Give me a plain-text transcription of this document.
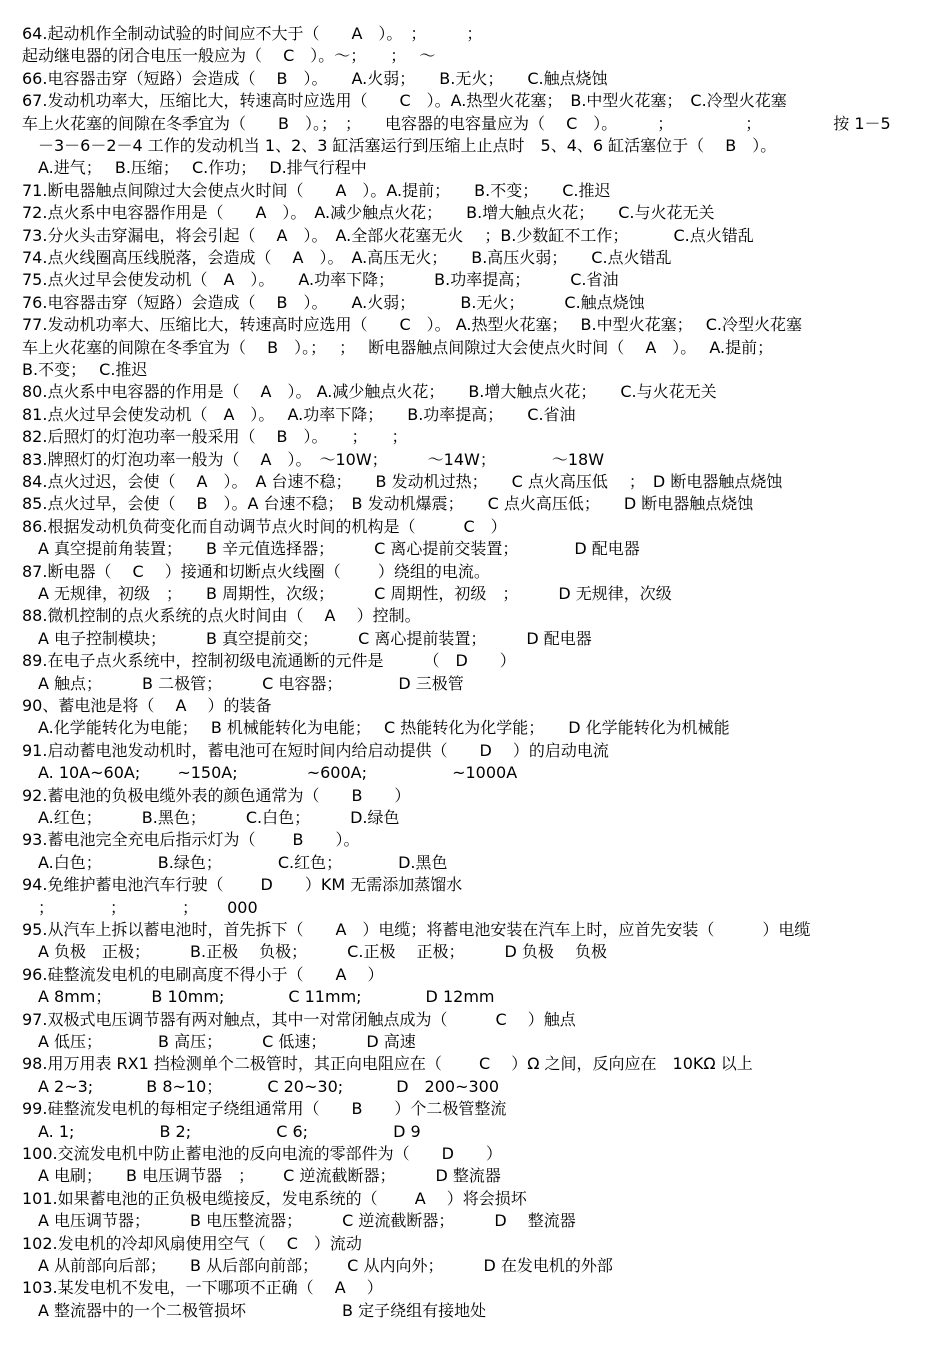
64.起动机作全制动试验的时间应不大于（　　A　）。　；　　　；
起动继电器的闭合电压一般应为（　 C　）。～；　　；　 ～
66.电容器击穿（短路）会造成（　 B　）。　　A.火弱；　　B.无火；　　C.触点烧蚀
67.发动机功率大，压缩比大，转速高时应选用（　　C　）。A.热型火花塞；　B.中型火花塞；　C.冷型火花塞
车上火花塞的间隙在冬季宜为（　　B　）。；　；　　电容器的电容量应为（　 C　）。　　　；　　　　　；　　　　　按 1－5
　－3－6－2－4 工作的发动机当 1、2、3 缸活塞运行到压缩上止点时　5、4、6 缸活塞位于（　 B　）。
　A.进气；　 B.压缩；　 C.作功；　 D.排气行程中
71.断电器触点间隙过大会使点火时间（　　A　）。A.提前；　　B.不变；　　C.推迟
72.点火系中电容器作用是（　　A　）。　A.减少触点火花；　　B.增大触点火花；　　C.与火花无关
73.分火头击穿漏电，将会引起（　 A　）。　A.全部火花塞无火　 ；B.少数缸不工作；　　　 C.点火错乱
74.点火线圈高压线脱落，会造成（　 A　）。　A.高压无火；　　B.高压火弱；　　C.点火错乱
75.点火过早会使发动机（　A　）。　　A.功率下降；　　　B.功率提高；　　　C.省油
76.电容器击穿（短路）会造成（　 B　）。　　A.火弱；　　　 B.无火；　　　C.触点烧蚀
77.发动机功率大、压缩比大，转速高时应选用（　　C　）。 A.热型火花塞；　 B.中型火花塞；　 C.冷型火花塞
车上火花塞的间隙在冬季宜为（　 B　）。；　 ；　 断电器触点间隙过大会使点火时间（　 A　）。　 A.提前；
B.不变；　 C.推迟
80.点火系中电容器的作用是（　 A　）。 A.减少触点火花；　　B.增大触点火花；　　C.与火花无关
81.点火过早会使发动机（　A　）。　 A.功率下降；　　B.功率提高；　　C.省油
82.后照灯的灯泡功率一般采用（　 B　）。　　；　　；
83.牌照灯的灯泡功率一般为（　 A　）。　～10W；　　　～14W；　　　　～18W
84.点火过迟，会使（　 A　）。　A 台速不稳；　　B 发动机过热；　　C 点火高压低　 ；　D 断电器触点烧蚀
85.点火过早，会使（　 B　）。A 台速不稳；　B 发动机爆震；　　C 点火高压低；　　D 断电器触点烧蚀
86.根据发动机负荷变化而自动调节点火时间的机构是（　　　C　）
　A 真空提前角装置；　　B 辛元值选择器；　　　C 离心提前交装置；　　　　D 配电器
87.断电器（　 C　 ）接通和切断点火线圈（　　 ）绕组的电流。
　A 无规律，初级　；　　B 周期性，次级；　　　C 周期性，初级　；　　　D 无规律，次级
88.微机控制的点火系统的点火时间由（　 A　 ）控制。
　A 电子控制模块；　　　B 真空提前交；　　　C 离心提前装置；　　　D 配电器
89.在电子点火系统中，控制初级电流通断的元件是　　　（　D　　）
　A 触点；　　　B 二极管；　　　C 电容器；　　　　D 三极管
90、蓄电池是将（　 A　 ）的装备
　A.化学能转化为电能；　 B 机械能转化为电能；　 C 热能转化为化学能；　　D 化学能转化为机械能
91.启动蓄电池发动机时，蓄电池可在短时间内给启动提供（　　D　 ）的启动电流
　A. 10A~60A;　　 ~150A;　　　　 ~600A;　　　　　 ~1000A
92.蓄电池的负极电缆外表的颜色通常为（　　B　　）
　A.红色；　　　B.黑色；　　　C.白色；　　　D.绿色
93.蓄电池完全充电后指示灯为（　　 B　　）。
　A.白色；　　　　B.绿色；　　　　C.红色；　　　　D.黑色
94.免维护蓄电池汽车行驶（　　 D　　）KM 无需添加蒸馏水
　；　　　　；　　　　；　　 000
95.从汽车上拆以蓄电池时，首先拆下（　　A　）电缆；将蓄电池安装在汽车上时，应首先安装（　　　）电缆
　A 负极　正极；　　　B.正极　 负极；　　　C.正极　 正极；　　　D 负极　 负极
96.硅整流发电机的电刷高度不得小于（　　A　 ）
　A 8mm；　　　B 10mm;　　　　C 11mm;　　　　D 12mm
97.双极式电压调节器有两对触点，其中一对常闭触点成为（　　　C　 ）触点
　A 低压；　　　　B 高压；　　　C 低速；　　　D 高速
98.用万用表 RX1 挡检测单个二极管时，其正向电阻应在（　　 C　 ）Ω 之间，反向应在　10KΩ 以上
　A 2~3;　　　 B 8~10；　　　 C 20~30;　　　 D　200~300
99.硅整流发电机的每相定子绕组通常用（　　B　　）个二极管整流
　A. 1;　　　　　 B 2;　　　　　 C 6;　　　　　 D 9
100.交流发电机中防止蓄电池的反向电流的零部件为（　　D　　）
　A 电刷；　　B 电压调节器　；　　 C 逆流截断器；　　　D 整流器
101.如果蓄电池的正负极电缆接反，发电系统的（　　 A　 ）将会损坏
　A 电压调节器；　　　B 电压整流器；　　　C 逆流截断器；　　　D　 整流器
102.发电机的冷却风扇使用空气（　 C　）流动
　A 从前部向后部；　　B 从后部向前部；　　 C 从内向外；　　　D 在发电机的外部
103.某发电机不发电，一下哪项不正确（　 A　 ）
　A 整流器中的一个二极管损坏　　　　　　B 定子绕组有接地处
